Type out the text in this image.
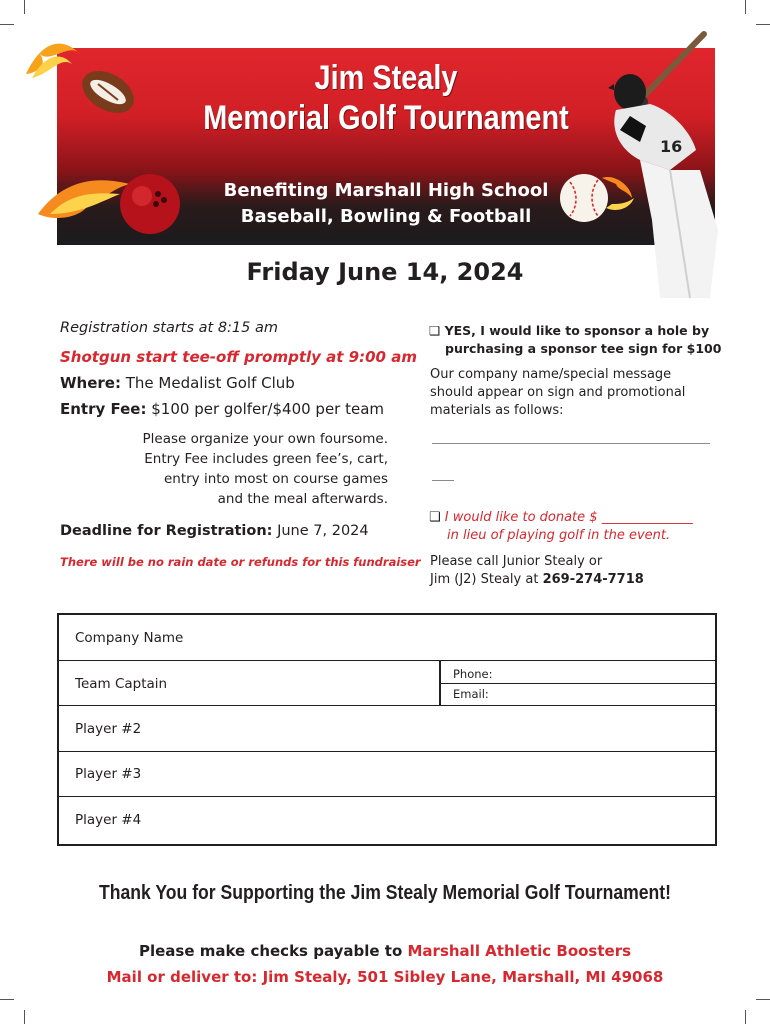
Jim Stealy
Memorial Golf Tournament
Benefiting Marshall High School
Baseball, Bowling & Football
16
Friday June 14, 2024
Registration starts at 8:15 am
Shotgun start tee-off promptly at 9:00 am
Where: The Medalist Golf Club
Entry Fee: $100 per golfer/$400 per team
Please organize your own foursome.
Entry Fee includes green fee’s, cart,
entry into most on course games
and the meal afterwards.
Deadline for Registration: June 7, 2024
There will be no rain date or refunds for this fundraiser
❑ YES, I would like to sponsor a hole by
purchasing a sponsor tee sign for $100
Our company name/special message
should appear on sign and promotional
materials as follows:
❑ I would like to donate $ ______________
in lieu of playing golf in the event.
Please call Junior Stealy or
Jim (J2) Stealy at 269-274-7718
Company Name
Team Captain
Phone:
Email:
Player #2
Player #3
Player #4
Thank You for Supporting the Jim Stealy Memorial Golf Tournament!
Please make checks payable to Marshall Athletic Boosters
Mail or deliver to: Jim Stealy, 501 Sibley Lane, Marshall, MI 49068
